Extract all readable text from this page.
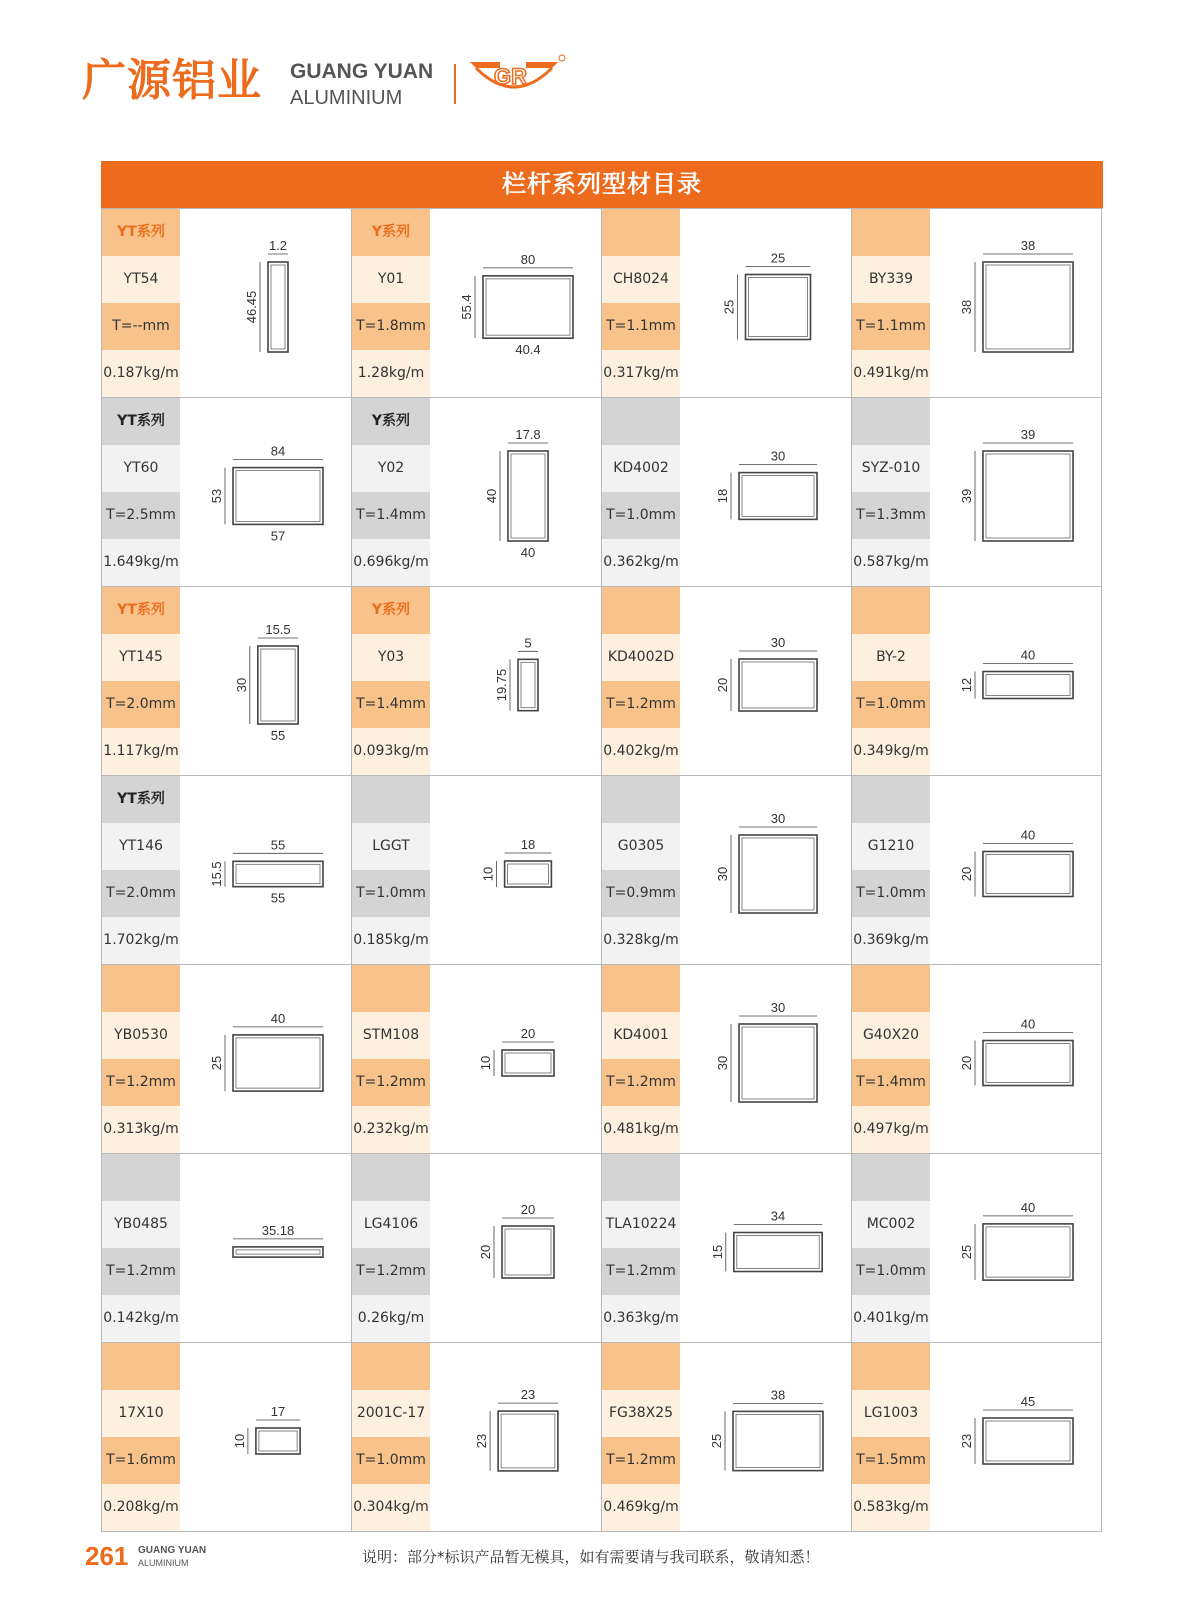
广源铝业 GUANG YUAN
ALUMINIUM
GR
栏杆系列型材目录
YT系列
YT54
T=--mm
0.187kg/m
1.2
46.45
Y系列
Y01
T=1.8mm
1.28kg/m
80
55.4
40.4
CH8024
T=1.1mm
0.317kg/m
25
25
BY339
T=1.1mm
0.491kg/m
38
38
YT系列
YT60
T=2.5mm
1.649kg/m
84
53
57
Y系列
Y02
T=1.4mm
0.696kg/m
17.8
40
40
KD4002
T=1.0mm
0.362kg/m
30
18
SYZ-010
T=1.3mm
0.587kg/m
39
39
YT系列
YT145
T=2.0mm
1.117kg/m
15.5
30
55
Y系列
Y03
T=1.4mm
0.093kg/m
5
19.75
KD4002D
T=1.2mm
0.402kg/m
30
20
BY-2
T=1.0mm
0.349kg/m
40
12
YT系列
YT146
T=2.0mm
1.702kg/m
55
15.5
55
LGGT
T=1.0mm
0.185kg/m
18
10
G0305
T=0.9mm
0.328kg/m
30
30
G1210
T=1.0mm
0.369kg/m
40
20
YB0530
T=1.2mm
0.313kg/m
40
25
STM108
T=1.2mm
0.232kg/m
20
10
KD4001
T=1.2mm
0.481kg/m
30
30
G40X20
T=1.4mm
0.497kg/m
40
20
YB0485
T=1.2mm
0.142kg/m
35.18	LG4106
T=1.2mm
0.26kg/m
20
20
TLA10224
T=1.2mm
0.363kg/m
34
15
MC002
T=1.0mm
0.401kg/m
40
25
17X10
T=1.6mm
0.208kg/m
17
10
2001C-17
T=1.0mm
0.304kg/m
23
23
FG38X25
T=1.2mm
0.469kg/m
38
25
LG1003
T=1.5mm
0.583kg/m
45
23
261 GUANG YUAN
ALUMINIUM	说明：部分*标识产品暂无模具，如有需要请与我司联系，敬请知悉！
